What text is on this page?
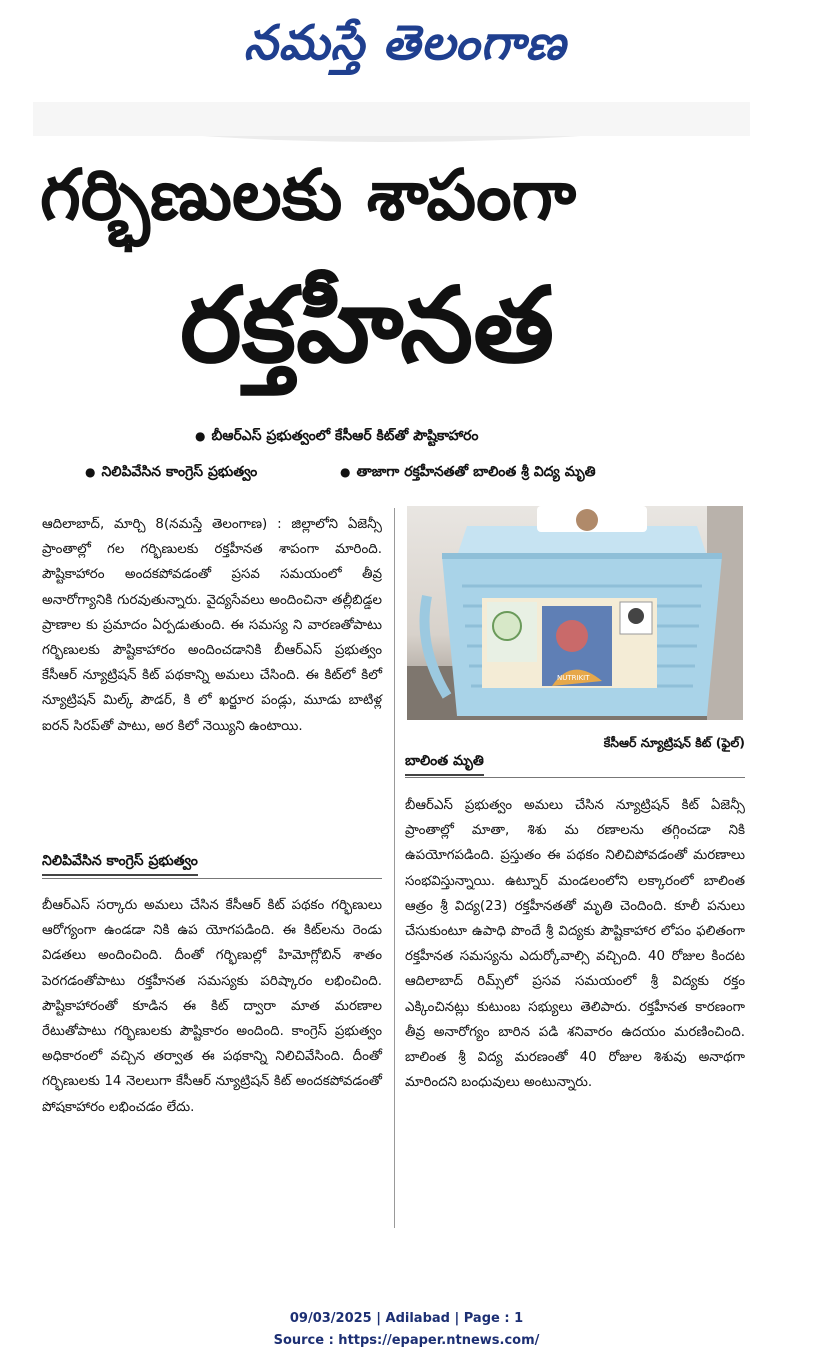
నమస్తే తెలంగాణ
గర్భిణులకు శాపంగా
రక్తహీనత
● బీఆర్ఎస్ ప్రభుత్వంలో కేసీఆర్ కిట్‌తో పౌష్టికాహారం
● నిలిపివేసిన కాంగ్రెస్ ప్రభుత్వం	● తాజాగా రక్తహీనతతో బాలింత శ్రీ విద్య మృతి
ఆదిలాబాద్, మార్చి 8(నమస్తే తెలంగాణ) : జిల్లాలోని ఏజెన్సీ ప్రాంతాల్లో గల గర్భిణులకు రక్తహీనత శాపంగా మారింది. పౌష్టికాహారం అందకపోవడంతో ప్రసవ సమయంలో తీవ్ర అనారోగ్యానికి గురవుతున్నారు. వైద్యసేవలు అందించినా తల్లీబిడ్డల ప్రాణాల కు ప్రమాదం ఏర్పడుతుంది. ఈ సమస్య ని వారణతోపాటు గర్భిణులకు పౌష్టికాహారం అందించడానికి బీఆర్ఎస్ ప్రభుత్వం కేసీఆర్ న్యూట్రిషన్ కిట్ పథకాన్ని అమలు చేసింది. ఈ కిట్‌లో కిలో న్యూట్రిషన్ మిల్క్ పౌడర్, కి లో ఖర్జూర పండ్లు, మూడు బాటిళ్ల ఐరన్ సిరప్‌తో పాటు, అర కిలో నెయ్యిని ఉంటాయి.
నిలిపివేసిన కాంగ్రెస్ ప్రభుత్వం
బీఆర్ఎస్ సర్కారు అమలు చేసిన కేసీఆర్ కిట్ పథకం గర్భిణులు ఆరోగ్యంగా ఉండడా నికి ఉప యోగపడింది. ఈ కిట్‌లను రెండు విడతలు అందించింది. దీంతో గర్భిణుల్లో హిమోగ్లోబిన్ శాతం పెరగడంతోపాటు రక్తహీనత సమస్యకు పరిష్కారం లభించింది. పౌష్టికాహారంతో కూడిన ఈ కిట్ ద్వారా మాత మరణాల రేటుతోపాటు గర్భిణులకు పౌష్టికారం అందింది. కాంగ్రెస్ ప్రభుత్వం అధికారంలో వచ్చిన తర్వాత ఈ పథకాన్ని నిలిచివేసింది. దీంతో గర్భిణులకు 14 నెలలుగా కేసీఆర్ న్యూట్రిషన్ కిట్ అందకపోవడంతో పోషకాహారం లభించడం లేదు.
NUTRIKIT
కేసీఆర్ న్యూట్రిషన్ కిట్ (ఫైల్)
బాలింత మృతి
బీఆర్ఎస్ ప్రభుత్వం అమలు చేసిన న్యూట్రిషన్ కిట్ ఏజెన్సీ ప్రాంతాల్లో మాతా, శిశు మ రణాలను తగ్గించడా నికి ఉపయోగపడింది. ప్రస్తుతం ఈ పథకం నిలిచిపోవడంతో మరణాలు సంభవిస్తున్నాయి. ఉట్నూర్ మండలంలోని లక్కారంలో బాలింత ఆత్రం శ్రీ విద్య(23) రక్తహీనతతో మృతి చెందింది. కూలీ పనులు చేసుకుంటూ ఉపాధి పొందే శ్రీ విద్యకు పౌష్టికాహార లోపం ఫలితంగా రక్తహీనత సమస్యను ఎదుర్కోవాల్సి వచ్చింది. 40 రోజుల కిందట ఆదిలాబాద్ రిమ్స్‌లో ప్రసవ సమయంలో శ్రీ విద్యకు రక్తం ఎక్కించినట్లు కుటుంబ సభ్యులు తెలిపారు. రక్తహీనత కారణంగా తీవ్ర అనారోగ్యం బారిన పడి శనివారం ఉదయం మరణించింది. బాలింత శ్రీ విద్య మరణంతో 40 రోజుల శిశువు అనాథగా మారిందని బంధువులు అంటున్నారు.
09/03/2025 | Adilabad | Page : 1
Source : https://epaper.ntnews.com/
